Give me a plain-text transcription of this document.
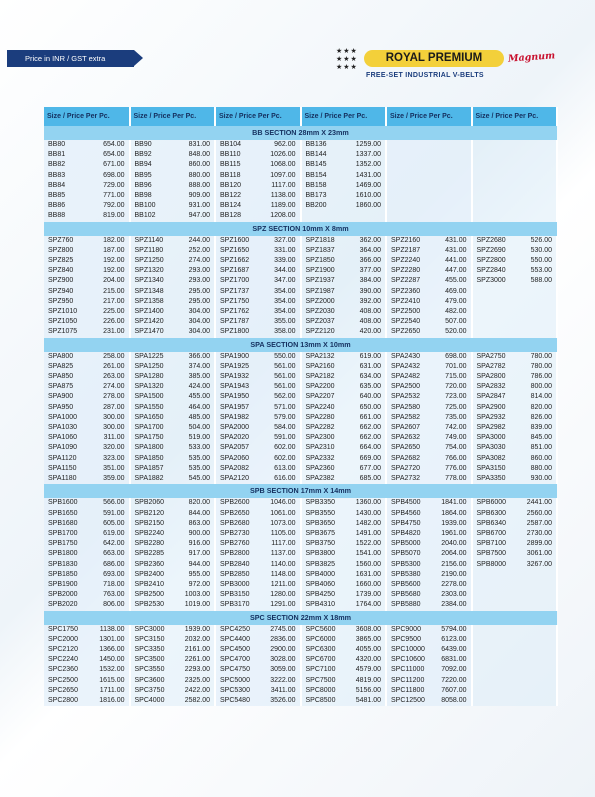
Price in INR / GST extra
★★★
★★★
★★★
ROYAL PREMIUM	Magnum
FREE-SET INDUSTRIAL V-BELTS
Size / Price Per Pc.		Size / Price Per Pc.		Size / Price Per Pc.		Size / Price Per Pc.		Size / Price Per Pc.		Size / Price Per Pc.	
BB SECTION 28mm X 23mm											
BB80	654.00	BB90	831.00	BB104	962.00	BB136	1259.00				
BB81	654.00	BB92	848.00	BB110	1026.00	BB144	1337.00				
BB82	671.00	BB94	860.00	BB115	1068.00	BB145	1352.00				
BB83	698.00	BB95	880.00	BB118	1097.00	BB154	1431.00				
BB84	729.00	BB96	888.00	BB120	1117.00	BB158	1469.00				
BB85	771.00	BB98	909.00	BB122	1138.00	BB173	1610.00				
BB86	792.00	BB100	931.00	BB124	1189.00	BB200	1860.00				
BB88	819.00	BB102	947.00	BB128	1208.00						
SPZ SECTION 10mm X 8mm											
SPZ760	182.00	SPZ1140	244.00	SPZ1600	327.00	SPZ1818	362.00	SPZ2160	431.00	SPZ2680	526.00
SPZ800	187.00	SPZ1180	252.00	SPZ1650	331.00	SPZ1837	364.00	SPZ2187	431.00	SPZ2690	530.00
SPZ825	192.00	SPZ1250	274.00	SPZ1662	339.00	SPZ1850	366.00	SPZ2240	441.00	SPZ2800	550.00
SPZ840	192.00	SPZ1320	293.00	SPZ1687	344.00	SPZ1900	377.00	SPZ2280	447.00	SPZ2840	553.00
SPZ900	204.00	SPZ1340	293.00	SPZ1700	347.00	SPZ1937	384.00	SPZ2287	455.00	SPZ3000	588.00
SPZ940	215.00	SPZ1348	295.00	SPZ1737	354.00	SPZ1987	390.00	SPZ2360	469.00		
SPZ950	217.00	SPZ1358	295.00	SPZ1750	354.00	SPZ2000	392.00	SPZ2410	479.00		
SPZ1010	225.00	SPZ1400	304.00	SPZ1762	354.00	SPZ2030	408.00	SPZ2500	482.00		
SPZ1050	226.00	SPZ1420	304.00	SPZ1787	355.00	SPZ2037	408.00	SPZ2540	507.00		
SPZ1075	231.00	SPZ1470	304.00	SPZ1800	358.00	SPZ2120	420.00	SPZ2650	520.00		
SPA SECTION 13mm X 10mm											
SPA800	258.00	SPA1225	366.00	SPA1900	550.00	SPA2132	619.00	SPA2430	698.00	SPA2750	780.00
SPA825	261.00	SPA1250	374.00	SPA1925	561.00	SPA2160	631.00	SPA2432	701.00	SPA2782	780.00
SPA850	263.00	SPA1280	385.00	SPA1932	561.00	SPA2182	634.00	SPA2482	715.00	SPA2800	786.00
SPA875	274.00	SPA1320	424.00	SPA1943	561.00	SPA2200	635.00	SPA2500	720.00	SPA2832	800.00
SPA900	278.00	SPA1500	455.00	SPA1950	562.00	SPA2207	640.00	SPA2532	723.00	SPA2847	814.00
SPA950	287.00	SPA1550	464.00	SPA1957	571.00	SPA2240	650.00	SPA2580	725.00	SPA2900	820.00
SPA1000	300.00	SPA1650	485.00	SPA1982	579.00	SPA2280	661.00	SPA2582	735.00	SPA2932	826.00
SPA1030	300.00	SPA1700	504.00	SPA2000	584.00	SPA2282	662.00	SPA2607	742.00	SPA2982	839.00
SPA1060	311.00	SPA1750	519.00	SPA2020	591.00	SPA2300	662.00	SPA2632	749.00	SPA3000	845.00
SPA1090	320.00	SPA1800	533.00	SPA2057	602.00	SPA2310	664.00	SPA2650	754.00	SPA3030	851.00
SPA1120	323.00	SPA1850	535.00	SPA2060	602.00	SPA2332	669.00	SPA2682	766.00	SPA3082	860.00
SPA1150	351.00	SPA1857	535.00	SPA2082	613.00	SPA2360	677.00	SPA2720	776.00	SPA3150	880.00
SPA1180	359.00	SPA1882	545.00	SPA2120	616.00	SPA2382	685.00	SPA2732	778.00	SPA3350	930.00
SPB SECTION 17mm X 14mm											
SPB1600	566.00	SPB2060	820.00	SPB2600	1046.00	SPB3350	1360.00	SPB4500	1841.00	SPB6000	2441.00
SPB1650	591.00	SPB2120	844.00	SPB2650	1061.00	SPB3550	1430.00	SPB4560	1864.00	SPB6300	2560.00
SPB1680	605.00	SPB2150	863.00	SPB2680	1073.00	SPB3650	1482.00	SPB4750	1939.00	SPB6340	2587.00
SPB1700	619.00	SPB2240	900.00	SPB2730	1105.00	SPB3675	1491.00	SPB4820	1961.00	SPB6700	2730.00
SPB1750	642.00	SPB2280	916.00	SPB2760	1117.00	SPB3750	1522.00	SPB5000	2040.00	SPB7100	2899.00
SPB1800	663.00	SPB2285	917.00	SPB2800	1137.00	SPB3800	1541.00	SPB5070	2064.00	SPB7500	3061.00
SPB1830	686.00	SPB2360	944.00	SPB2840	1140.00	SPB3825	1560.00	SPB5300	2156.00	SPB8000	3267.00
SPB1850	693.00	SPB2400	955.00	SPB2850	1148.00	SPB4000	1631.00	SPB5380	2190.00		
SPB1900	718.00	SPB2410	972.00	SPB3000	1211.00	SPB4060	1660.00	SPB5600	2278.00		
SPB2000	763.00	SPB2500	1003.00	SPB3150	1280.00	SPB4250	1739.00	SPB5680	2303.00		
SPB2020	806.00	SPB2530	1019.00	SPB3170	1291.00	SPB4310	1764.00	SPB5880	2384.00		
SPC SECTION 22mm X 18mm											
SPC1750	1138.00	SPC3000	1939.00	SPC4250	2745.00	SPC5600	3608.00	SPC9000	5794.00		
SPC2000	1301.00	SPC3150	2032.00	SPC4400	2836.00	SPC6000	3865.00	SPC9500	6123.00		
SPC2120	1366.00	SPC3350	2161.00	SPC4500	2900.00	SPC6300	4055.00	SPC10000	6439.00		
SPC2240	1450.00	SPC3500	2261.00	SPC4700	3028.00	SPC6700	4320.00	SPC10600	6831.00		
SPC2360	1532.00	SPC3550	2293.00	SPC4750	3059.00	SPC7100	4579.00	SPC11000	7092.00		
SPC2500	1615.00	SPC3600	2325.00	SPC5000	3222.00	SPC7500	4819.00	SPC11200	7220.00		
SPC2650	1711.00	SPC3750	2422.00	SPC5300	3411.00	SPC8000	5156.00	SPC11800	7607.00		
SPC2800	1816.00	SPC4000	2582.00	SPC5480	3526.00	SPC8500	5481.00	SPC12500	8058.00		
